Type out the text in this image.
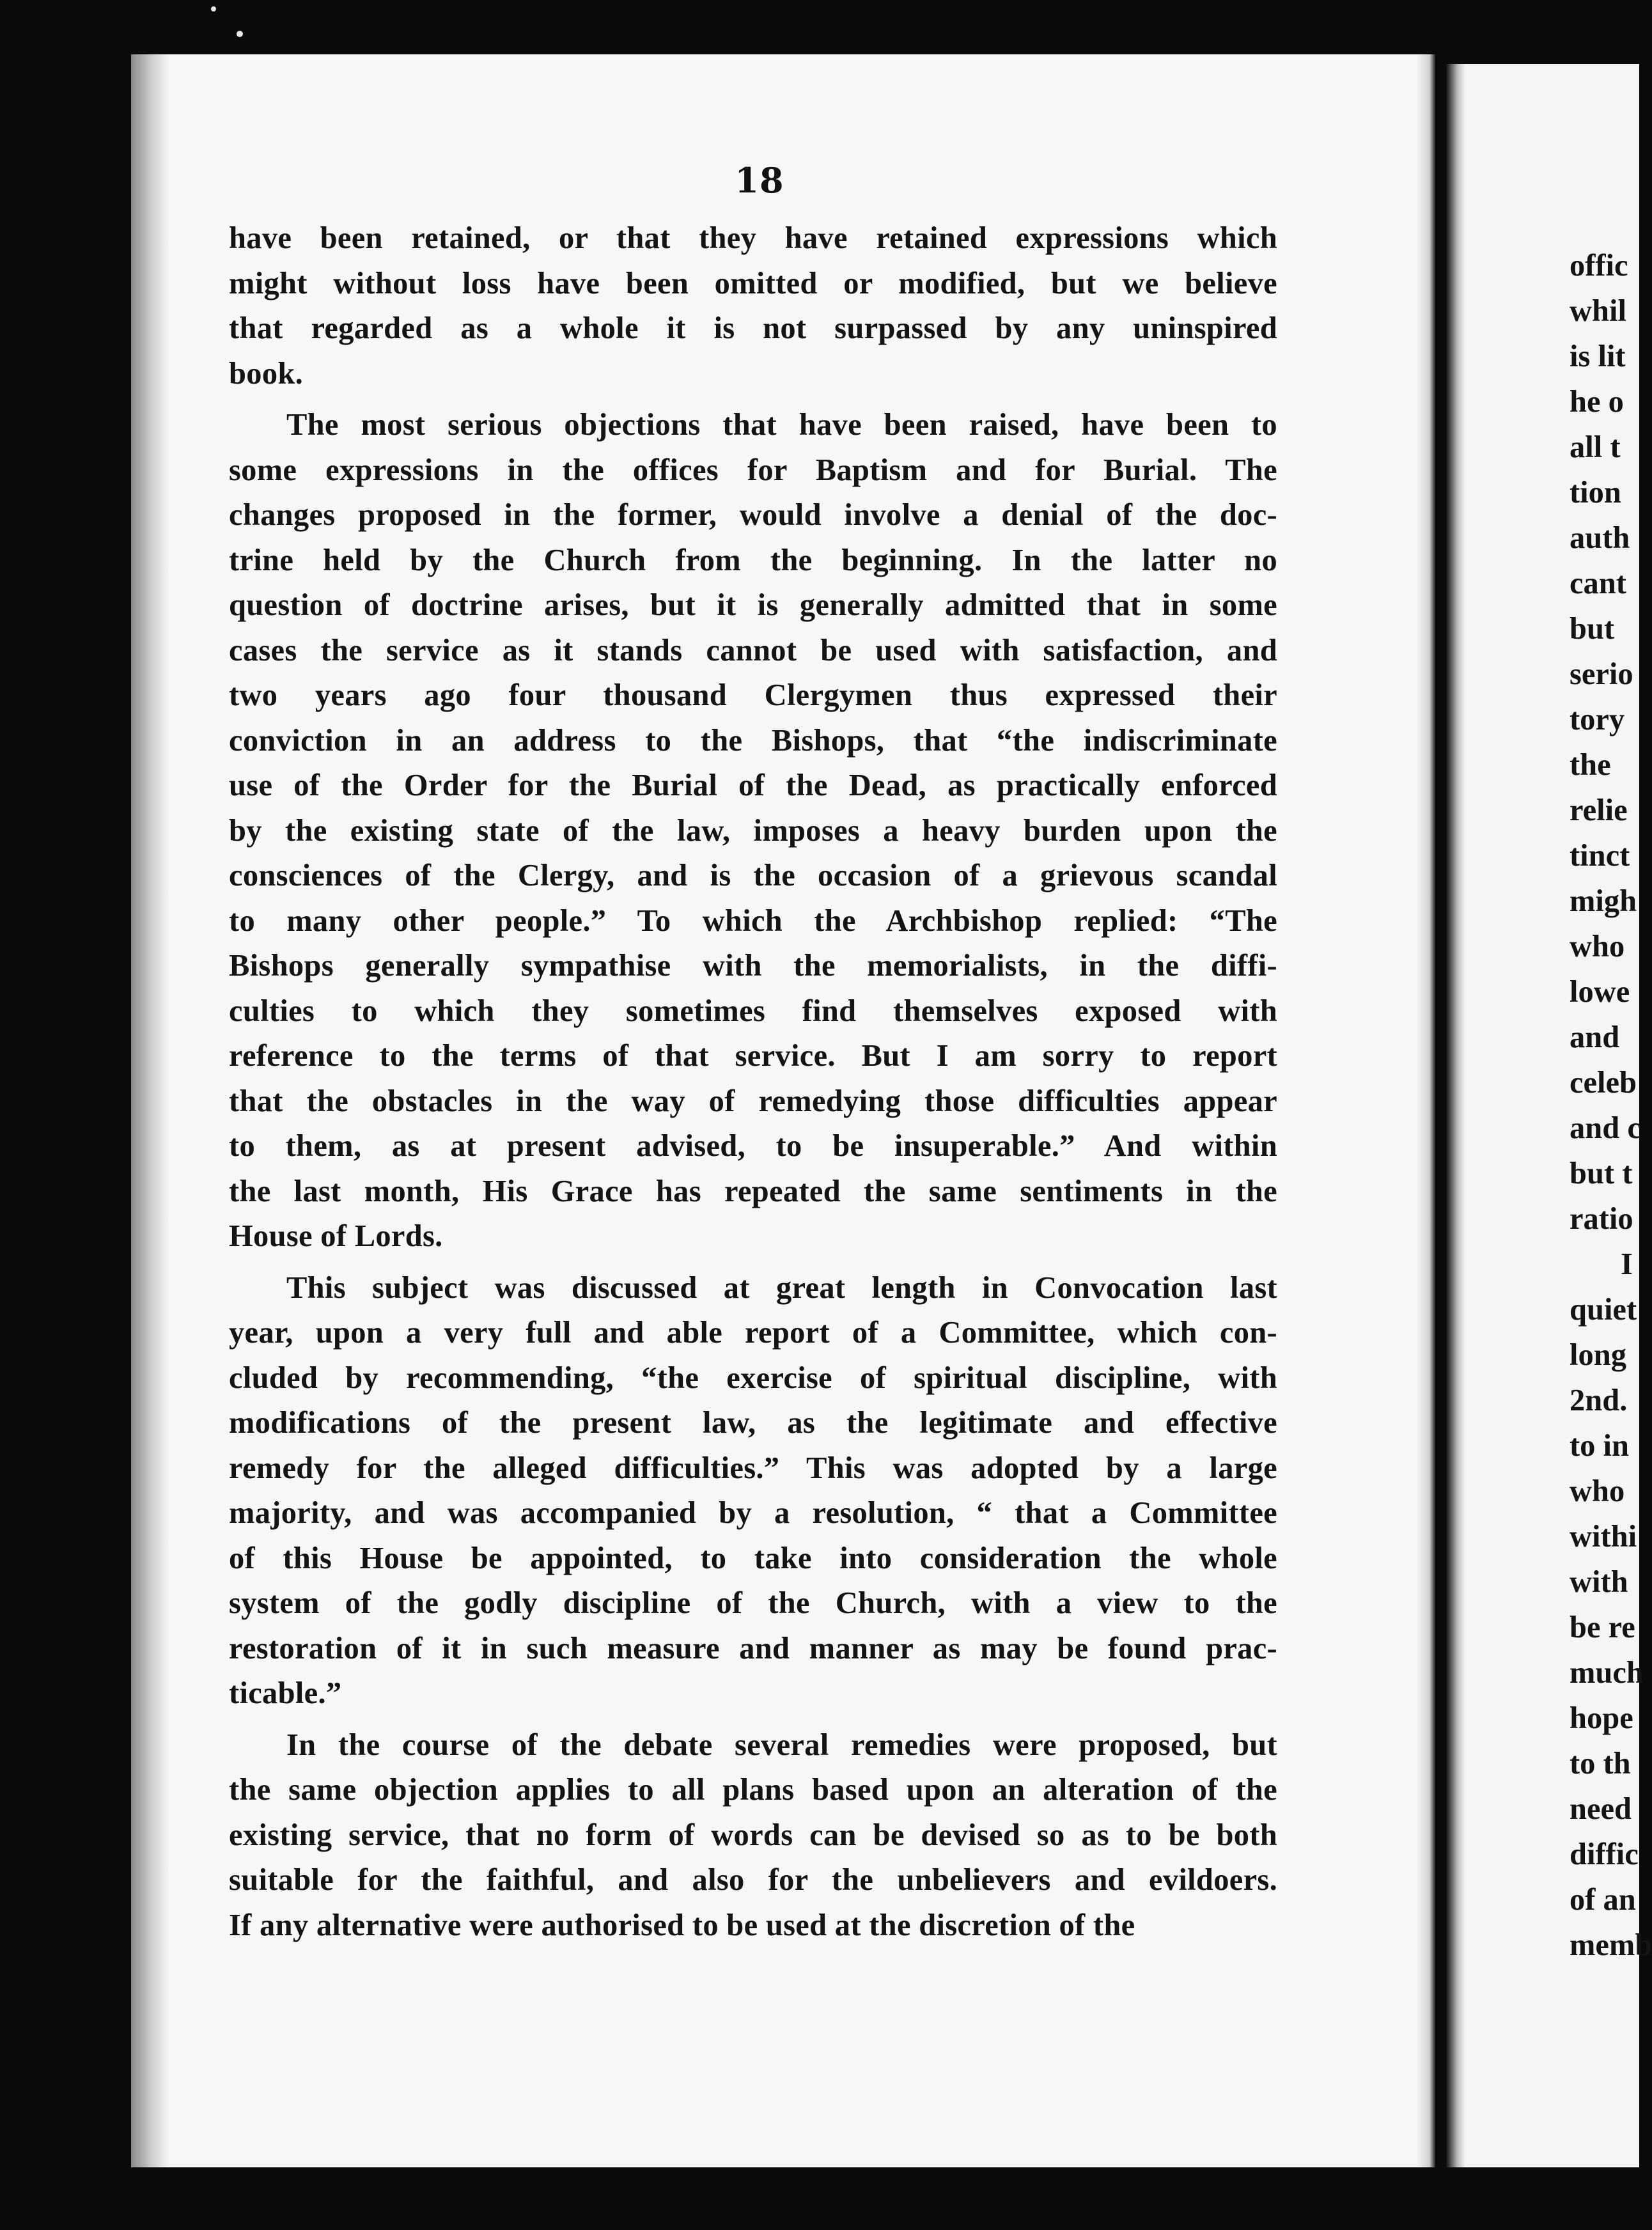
18
have been retained, or that they have retained expressions which
might without loss have been omitted or modified, but we believe
that regarded as a whole it is not surpassed by any uninspired
book.
The most serious objections that have been raised, have been to
some expressions in the offices for Baptism and for Burial. The
changes proposed in the former, would involve a denial of the doc-
trine held by the Church from the beginning. In the latter no
question of doctrine arises, but it is generally admitted that in some
cases the service as it stands cannot be used with satisfaction, and
two years ago four thousand Clergymen thus expressed their
conviction in an address to the Bishops, that “the indiscriminate
use of the Order for the Burial of the Dead, as practically enforced
by the existing state of the law, imposes a heavy burden upon the
consciences of the Clergy, and is the occasion of a grievous scandal
to many other people.” To which the Archbishop replied: “The
Bishops generally sympathise with the memorialists, in the diffi-
culties to which they sometimes find themselves exposed with
reference to the terms of that service. But I am sorry to report
that the obstacles in the way of remedying those difficulties appear
to them, as at present advised, to be insuperable.” And within
the last month, His Grace has repeated the same sentiments in the
House of Lords.
This subject was discussed at great length in Convocation last
year, upon a very full and able report of a Committee, which con-
cluded by recommending, “the exercise of spiritual discipline, with
modifications of the present law, as the legitimate and effective
remedy for the alleged difficulties.” This was adopted by a large
majority, and was accompanied by a resolution, “ that a Committee
of this House be appointed, to take into consideration the whole
system of the godly discipline of the Church, with a view to the
restoration of it in such measure and manner as may be found prac-
ticable.”
In the course of the debate several remedies were proposed, but
the same objection applies to all plans based upon an alteration of the
existing service, that no form of words can be devised so as to be both
suitable for the faithful, and also for the unbelievers and evildoers.
If any alternative were authorised to be used at the discretion of the
offic
whil
is lit
he o
all t
tion
auth
cant
but
serio
tory
the
relie
tinct
migh
who
lowe
and
celeb
and c
but t
ratio
I
quiet
long
2nd.
to in
who
withi
with
be re
much
hope
to th
need
diffic
of an
memb
